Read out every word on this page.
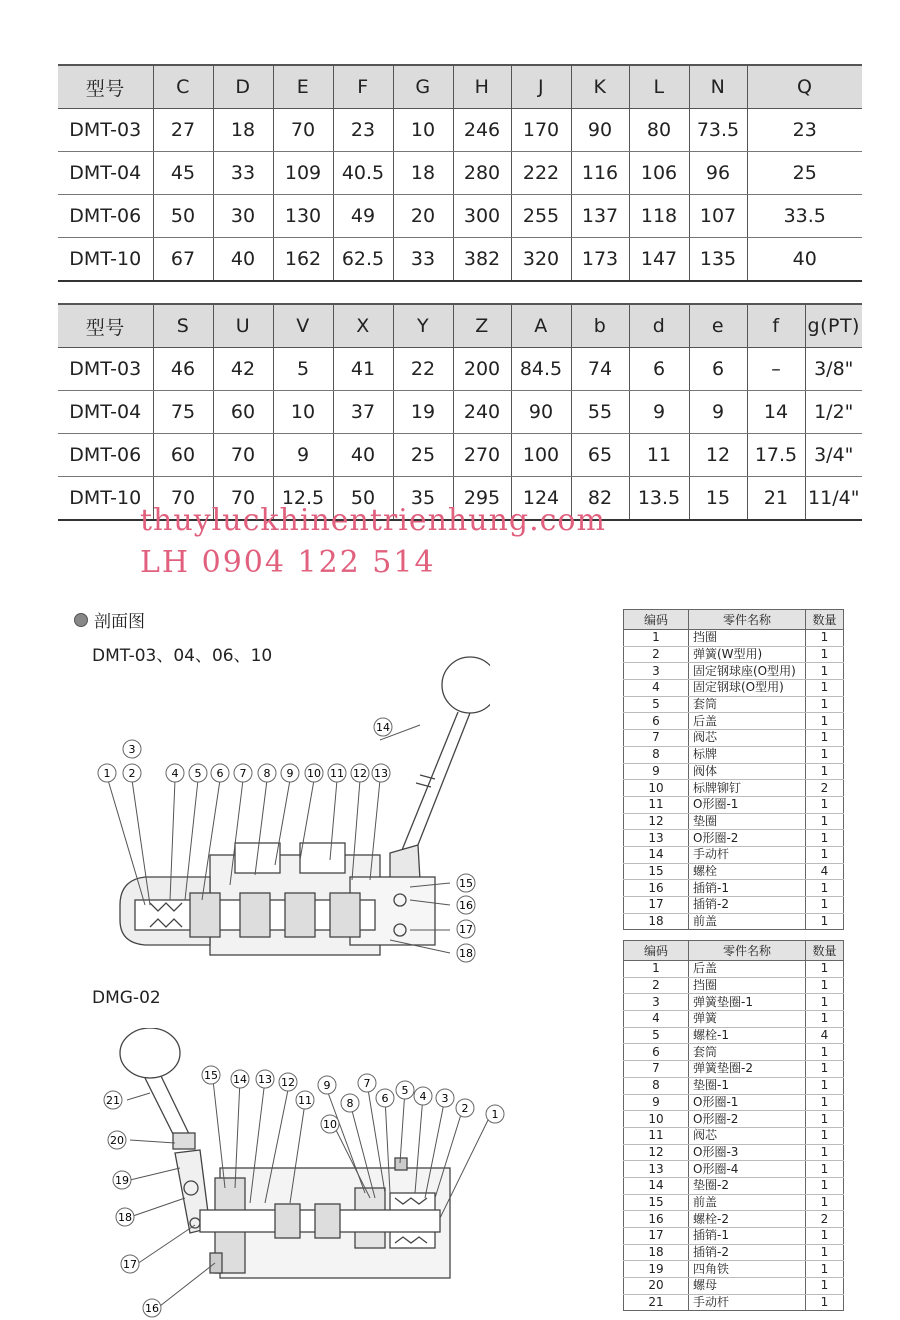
型号	C	D	E	F	G	H	J	K	L	N	Q
DMT-03	27	18	70	23	10	246	170	90	80	73.5	23
DMT-04	45	33	109	40.5	18	280	222	116	106	96	25
DMT-06	50	30	130	49	20	300	255	137	118	107	33.5
DMT-10	67	40	162	62.5	33	382	320	173	147	135	40
型号	S	U	V	X	Y	Z	A	b	d	e	f	g(PT)
DMT-03	46	42	5	41	22	200	84.5	74	6	6	–	3/8"
DMT-04	75	60	10	37	19	240	90	55	9	9	14	1/2"
DMT-06	60	70	9	40	25	270	100	65	11	12	17.5	3/4"
DMT-10	70	70	12.5	50	35	295	124	82	13.5	15	21	11/4"
thuyluckhinentrienhung.com
LH 0904 122 514
剖面图
DMT-03、04、06、10
DMG-02
编码	零件名称	数量
1	挡圈	1
2	弹簧(W型用)	1
3	固定钢球座(O型用)	1
4	固定钢球(O型用)	1
5	套筒	1
6	后盖	1
7	阀芯	1
8	标牌	1
9	阀体	1
10	标牌铆钉	2
11	O形圈-1	1
12	垫圈	1
13	O形圈-2	1
14	手动杆	1
15	螺栓	4
16	插销-1	1
17	插销-2	1
18	前盖	1
编码	零件名称	数量
1	后盖	1
2	挡圈	1
3	弹簧垫圈-1	1
4	弹簧	1
5	螺栓-1	4
6	套筒	1
7	弹簧垫圈-2	1
8	垫圈-1	1
9	O形圈-1	1
10	O形圈-2	1
11	阀芯	1
12	O形圈-3	1
13	O形圈-4	1
14	垫圈-2	1
15	前盖	1
16	螺栓-2	2
17	插销-1	1
18	插销-2	1
19	四角铁	1
20	螺母	1
21	手动杆	1
1 2
3
4 5 6 7 8 9 10 11 12 13
14
15
16
17
18
1
2
3
4
5
6
7
8
9
10
11
12
13
14
15
16
17
18
19
20
21
